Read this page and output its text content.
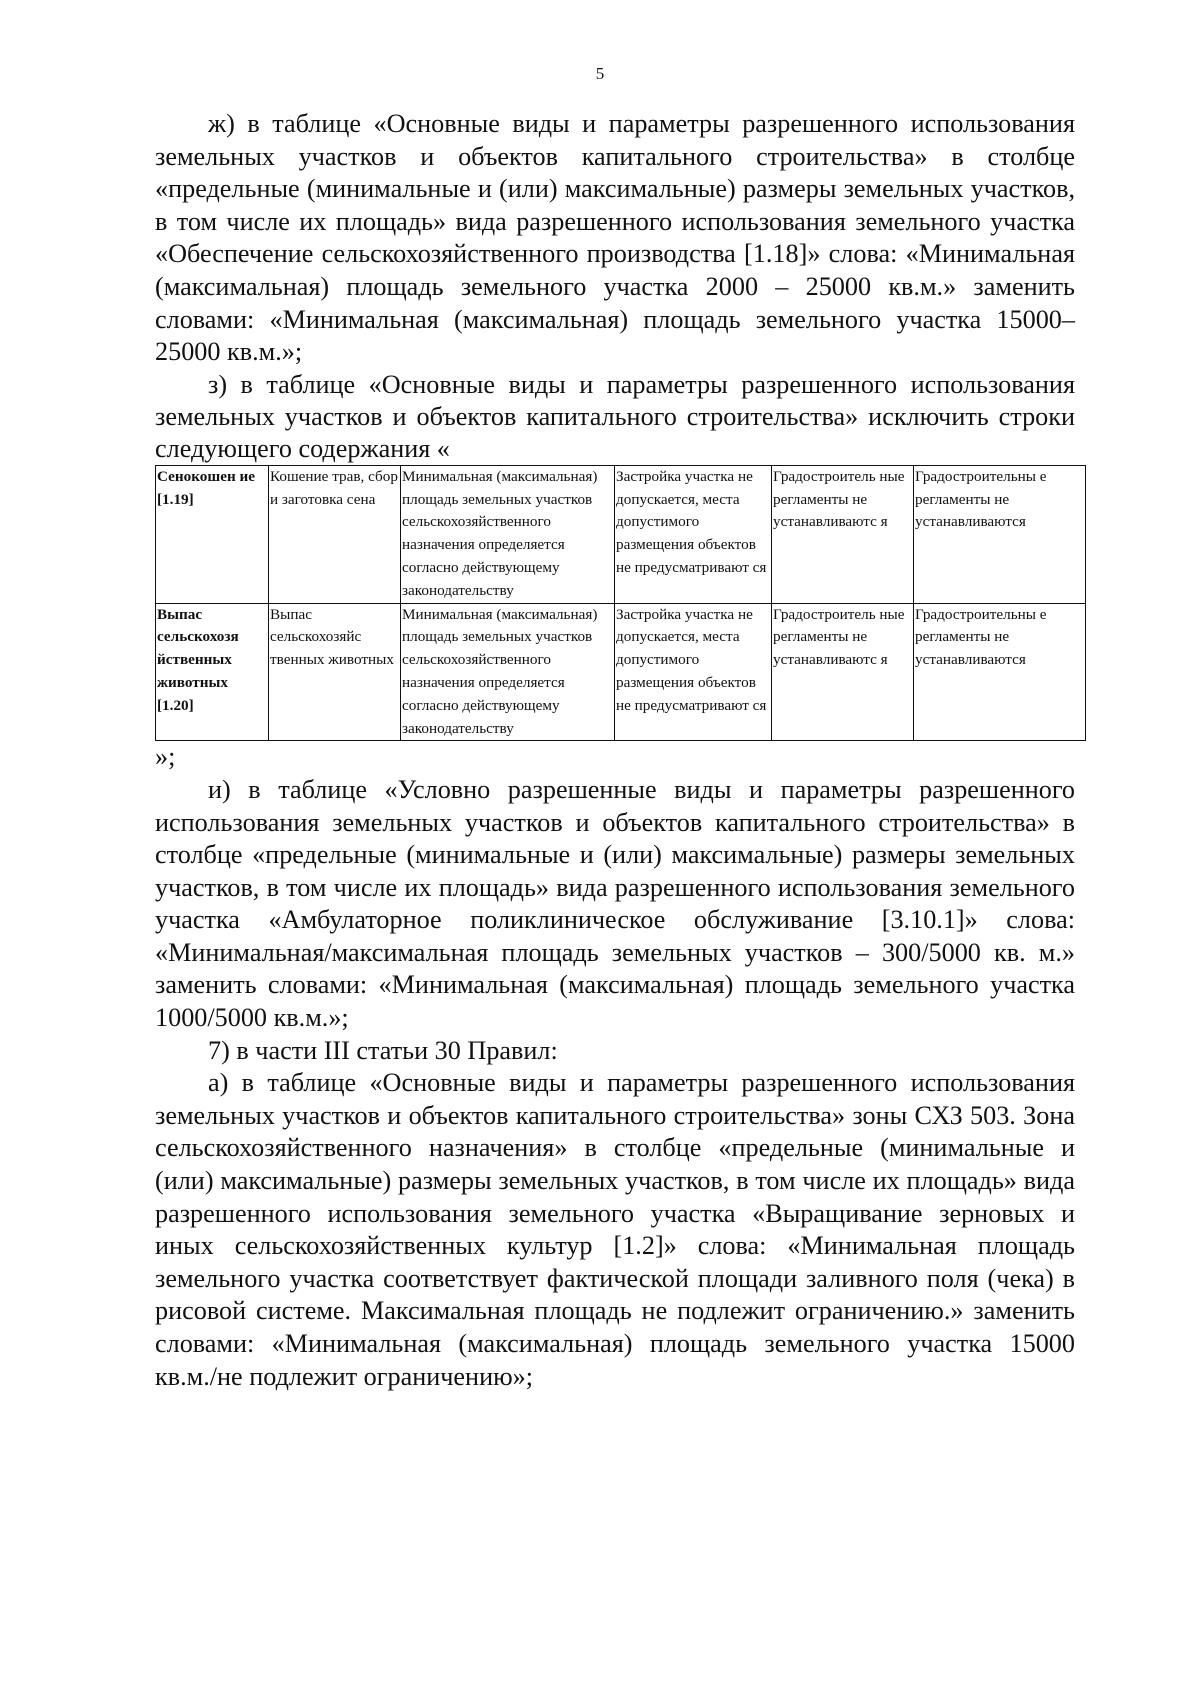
5

ж) в таблице «Основные виды и параметры разрешенного использования земельных участков и объектов капитального строительства» в столбце «предельные (минимальные и (или) максимальные) размеры земельных участков, в том числе их площадь» вида разрешенного использования земельного участка «Обеспечение сельскохозяйственного производства [1.18]» слова: «Минимальная (максимальная) площадь земельного участка 2000 – 25000 кв.м.» заменить словами: «Минимальная (максимальная) площадь земельного участка 15000– 25000 кв.м.»;

з) в таблице «Основные виды и параметры разрешенного использования земельных участков и объектов капитального строительства» исключить строки следующего содержания «

Сенокошен ие [1.19]	Кошение трав, сбор и заготовка сена	Минимальная (максимальная) площадь земельных участков сельскохозяйственного назначения определяется согласно действующему законодательству	Застройка участка не допускается, места допустимого размещения объектов не предусматривают ся	Градостроитель ные регламенты не устанавливаютс я	Градостроительны е регламенты не устанавливаются
Выпас сельскохозя йственных животных [1.20]	Выпас сельскохозяйс твенных животных	Минимальная (максимальная) площадь земельных участков сельскохозяйственного назначения определяется согласно действующему законодательству	Застройка участка не допускается, места допустимого размещения объектов не предусматривают ся	Градостроитель ные регламенты не устанавливаютс я	Градостроительны е регламенты не устанавливаются

»;

и) в таблице «Условно разрешенные виды и параметры разрешенного использования земельных участков и объектов капитального строительства» в столбце «предельные (минимальные и (или) максимальные) размеры земельных участков, в том числе их площадь» вида разрешенного использования земельного участка «Амбулаторное поликлиническое обслуживание [3.10.1]» слова: «Минимальная/максимальная площадь земельных участков – 300/5000 кв. м.» заменить словами: «Минимальная (максимальная) площадь земельного участка 1000/5000 кв.м.»;

7) в части III статьи 30 Правил:

а) в таблице «Основные виды и параметры разрешенного использования земельных участков и объектов капитального строительства» зоны СХЗ 503. Зона сельскохозяйственного назначения» в столбце «предельные (минимальные и (или) максимальные) размеры земельных участков, в том числе их площадь» вида разрешенного использования земельного участка «Выращивание зерновых и иных сельскохозяйственных культур [1.2]» слова: «Минимальная площадь земельного участка соответствует фактической площади заливного поля (чека) в рисовой системе. Максимальная площадь не подлежит ограничению.» заменить словами: «Минимальная (максимальная) площадь земельного участка 15000 кв.м./не подлежит ограничению»;
